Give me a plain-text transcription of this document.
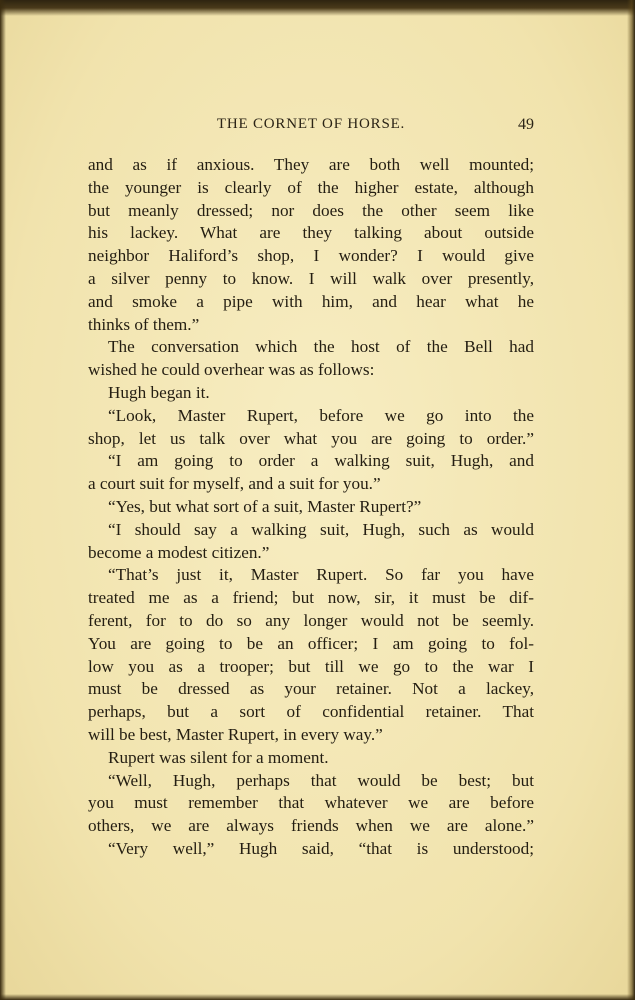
THE CORNET OF HORSE.	49
and as if anxious. They are both well mounted;
the younger is clearly of the higher estate, although
but meanly dressed; nor does the other seem like
his lackey. What are they talking about outside
neighbor Haliford’s shop, I wonder? I would give
a silver penny to know. I will walk over presently,
and smoke a pipe with him, and hear what he
thinks of them.”
The conversation which the host of the Bell had
wished he could overhear was as follows:
Hugh began it.
“Look, Master Rupert, before we go into the
shop, let us talk over what you are going to order.”
“I am going to order a walking suit, Hugh, and
a court suit for myself, and a suit for you.”
“Yes, but what sort of a suit, Master Rupert?”
“I should say a walking suit, Hugh, such as would
become a modest citizen.”
“That’s just it, Master Rupert. So far you have
treated me as a friend; but now, sir, it must be dif-
ferent, for to do so any longer would not be seemly.
You are going to be an officer; I am going to fol-
low you as a trooper; but till we go to the war I
must be dressed as your retainer. Not a lackey,
perhaps, but a sort of confidential retainer. That
will be best, Master Rupert, in every way.”
Rupert was silent for a moment.
“Well, Hugh, perhaps that would be best; but
you must remember that whatever we are before
others, we are always friends when we are alone.”
“Very well,” Hugh said, “that is understood;
